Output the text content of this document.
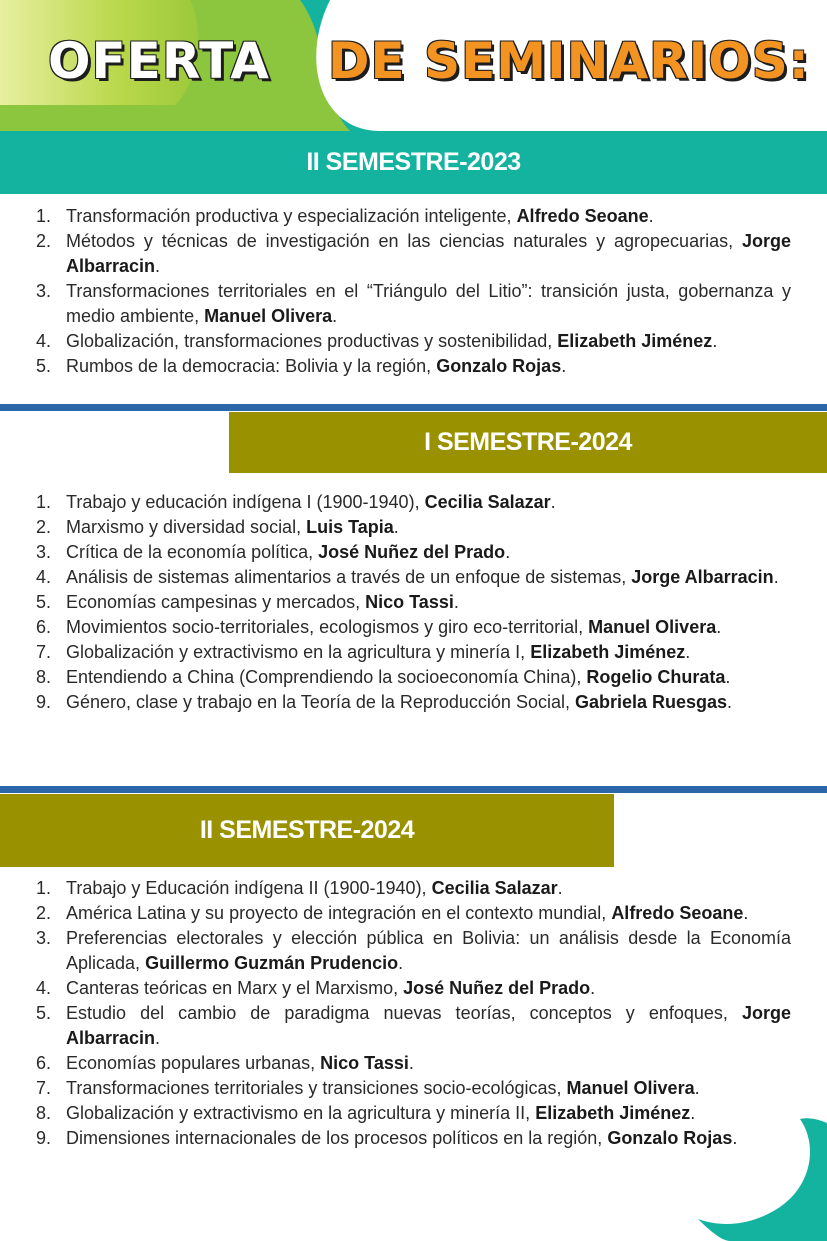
OFERTA DE SEMINARIOS:
II SEMESTRE-2023
1. Transformación productiva y especialización inteligente, Alfredo Seoane.
2. Métodos y técnicas de investigación en las ciencias naturales y agropecuarias, Jorge Albarracin.
3. Transformaciones territoriales en el “Triángulo del Litio”: transición justa, gobernanza y medio ambiente, Manuel Olivera.
4. Globalización, transformaciones productivas y sostenibilidad, Elizabeth Jiménez.
5. Rumbos de la democracia: Bolivia y la región, Gonzalo Rojas.
I SEMESTRE-2024
1. Trabajo y educación indígena I (1900-1940), Cecilia Salazar.
2. Marxismo y diversidad social, Luis Tapia.
3. Crítica de la economía política, José Nuñez del Prado.
4. Análisis de sistemas alimentarios a través de un enfoque de sistemas, Jorge Albarracin.
5. Economías campesinas y mercados, Nico Tassi.
6. Movimientos socio-territoriales, ecologismos y giro eco-territorial, Manuel Olivera.
7. Globalización y extractivismo en la agricultura y minería I, Elizabeth Jiménez.
8. Entendiendo a China (Comprendiendo la socioeconomía China), Rogelio Churata.
9. Género, clase y trabajo en la Teoría de la Reproducción Social, Gabriela Ruesgas.
II SEMESTRE-2024
1. Trabajo y Educación indígena II (1900-1940), Cecilia Salazar.
2. América Latina y su proyecto de integración en el contexto mundial, Alfredo Seoane.
3. Preferencias electorales y elección pública en Bolivia: un análisis desde la Economía Aplicada, Guillermo Guzmán Prudencio.
4. Canteras teóricas en Marx y el Marxismo, José Nuñez del Prado.
5. Estudio del cambio de paradigma nuevas teorías, conceptos y enfoques, Jorge Albarracin.
6. Economías populares urbanas, Nico Tassi.
7. Transformaciones territoriales y transiciones socio-ecológicas, Manuel Olivera.
8. Globalización y extractivismo en la agricultura y minería II, Elizabeth Jiménez.
9. Dimensiones internacionales de los procesos políticos en la región, Gonzalo Rojas.
